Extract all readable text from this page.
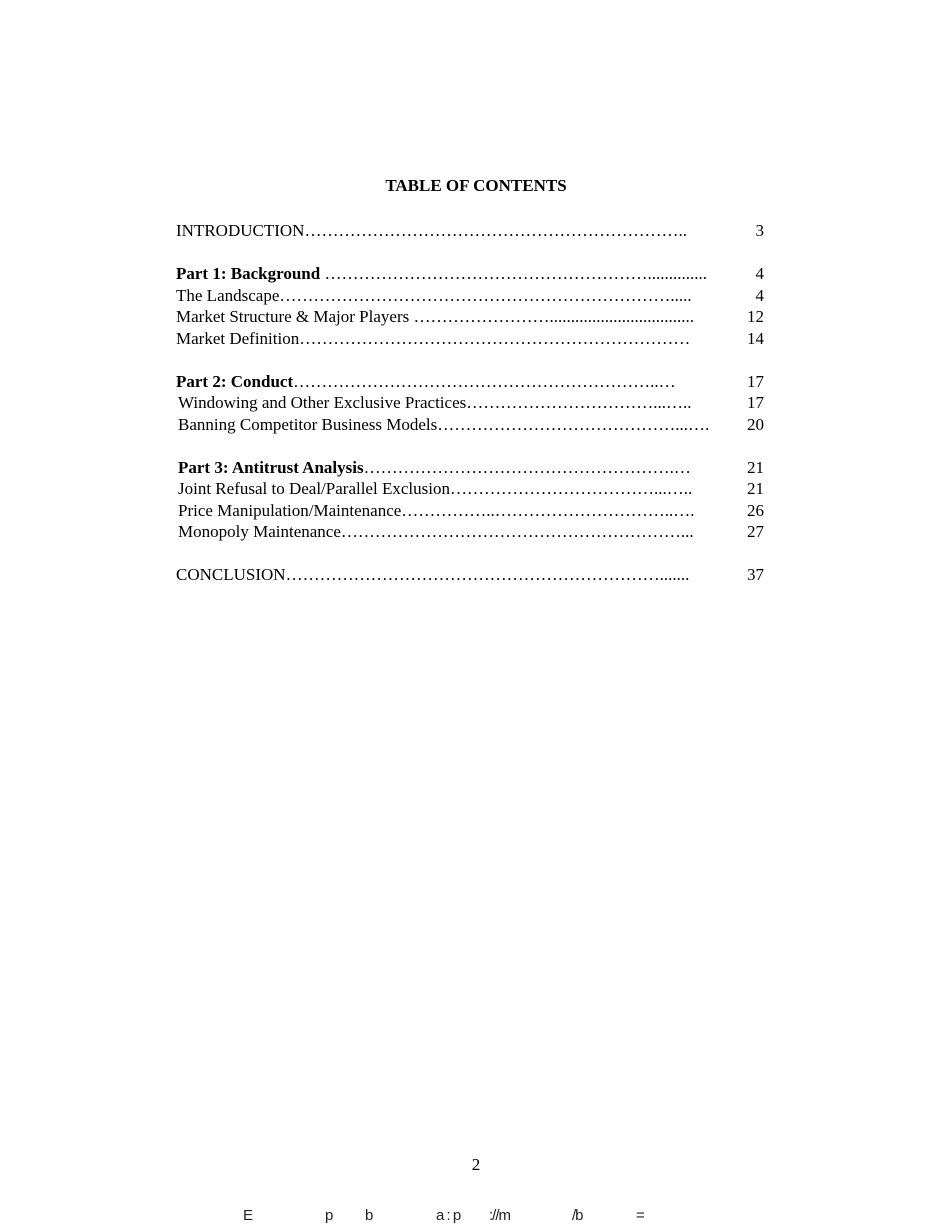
TABLE OF CONTENTS
INTRODUCTION…………………………………………………………..	3
Part 1: Background …………………………………………………..............	4
The Landscape…………………………………………………………….....	4
Market Structure & Major Players ……………………..................................	12
Market Definition……………………………………………………………	14
Part 2: Conduct………………………………………………………..…	17
Windowing and Other Exclusive Practices……………………………...…..	17
Banning Competitor Business Models……………………………………...…. 20
Part 3: Antitrust Analysis……………………………………………….…	21
Joint Refusal to Deal/Parallel Exclusion………………………………...…..	21
Price Manipulation/Maintenance……………..…………………………..….	26
Monopoly Maintenance……………………………………………………...	27
CONCLUSION………………………………………………………….......	37
2
E	p b	a : p ://m	/b	=
